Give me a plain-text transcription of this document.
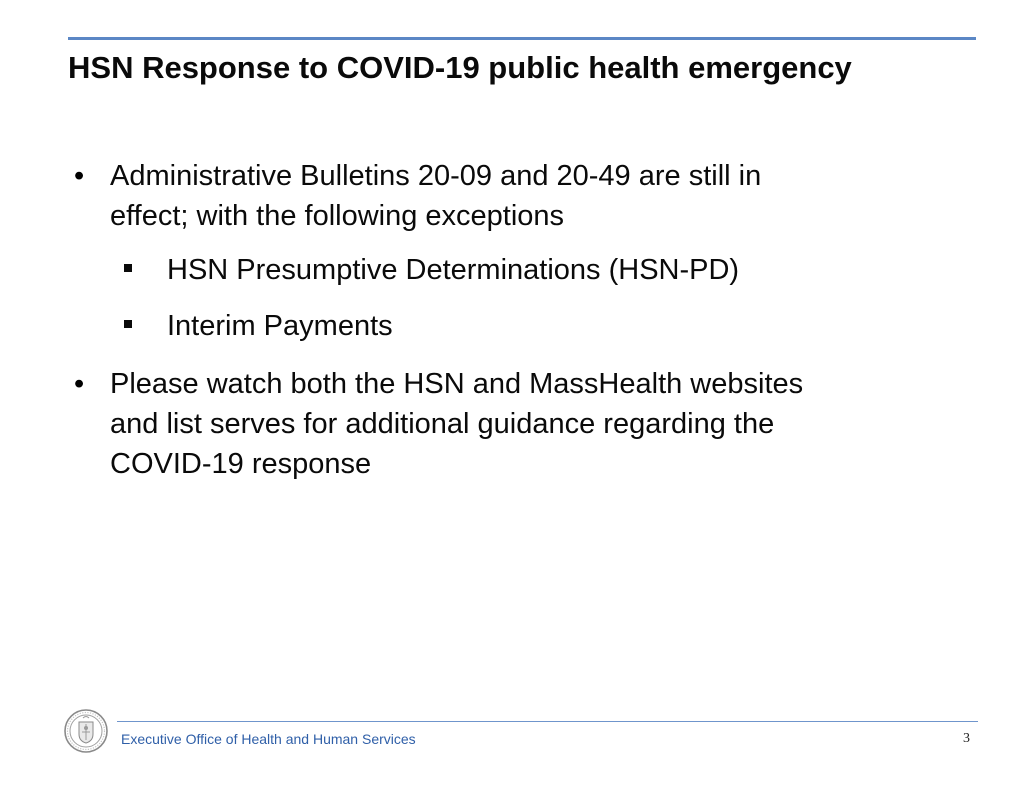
HSN Response to COVID-19 public health emergency
• Administrative Bulletins 20-09 and 20-49 are still in
effect; with the following exceptions
HSN Presumptive Determinations (HSN-PD)
Interim Payments
• Please watch both the HSN and MassHealth websites
and list serves for additional guidance regarding the
COVID-19 response
Executive Office of Health and Human Services	3
